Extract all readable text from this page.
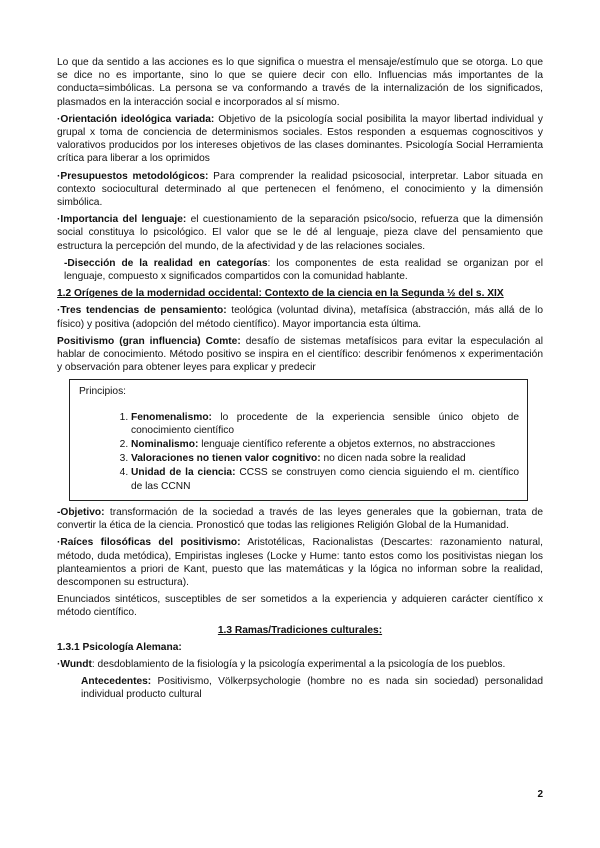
Lo que da sentido a las acciones es lo que significa o muestra el mensaje/estímulo que se otorga. Lo que se dice no es importante, sino lo que se quiere decir con ello. Influencias más importantes de la conducta=simbólicas. La persona se va conformando a través de la internalización de los significados, plasmados en la interacción social e incorporados al sí mismo.

·Orientación ideológica variada: Objetivo de la psicología social posibilita la mayor libertad individual y grupal x toma de conciencia de determinismos sociales. Estos responden a esquemas cognoscitivos y valorativos producidos por los intereses objetivos de las clases dominantes. Psicología Social Herramienta crítica para liberar a los oprimidos

·Presupuestos metodológicos: Para comprender la realidad psicosocial, interpretar. Labor situada en contexto sociocultural determinado al que pertenecen el fenómeno, el conocimiento y la dimensión simbólica.

·Importancia del lenguaje: el cuestionamiento de la separación psico/socio, refuerza que la dimensión social constituya lo psicológico. El valor que se le dé al lenguaje, pieza clave del pensamiento que estructura la percepción del mundo, de la afectividad y de las relaciones sociales.

-Disección de la realidad en categorías: los componentes de esta realidad se organizan por el lenguaje, compuesto x significados compartidos con la comunidad hablante.

1.2 Orígenes de la modernidad occidental: Contexto de la ciencia en la Segunda ½ del s. XIX

·Tres tendencias de pensamiento: teológica (voluntad divina), metafísica (abstracción, más allá de lo físico) y positiva (adopción del método científico). Mayor importancia esta última.

Positivismo (gran influencia) Comte: desafío de sistemas metafísicos para evitar la especulación al hablar de conocimiento. Método positivo se inspira en el científico: describir fenómenos x experimentación y observación para obtener leyes para explicar y predecir

Principios:
1. Fenomenalismo: lo procedente de la experiencia sensible único objeto de conocimiento científico
2. Nominalismo: lenguaje científico referente a objetos externos, no abstracciones
3. Valoraciones no tienen valor cognitivo: no dicen nada sobre la realidad
4. Unidad de la ciencia: CCSS se construyen como ciencia siguiendo el m. científico de las CCNN

-Objetivo: transformación de la sociedad a través de las leyes generales que la gobiernan, trata de convertir la ética de la ciencia. Pronosticó que todas las religiones Religión Global de la Humanidad.

·Raíces filosóficas del positivismo: Aristotélicas, Racionalistas (Descartes: razonamiento natural, método, duda metódica), Empiristas ingleses (Locke y Hume: tanto estos como los positivistas niegan los planteamientos a priori de Kant, puesto que las matemáticas y la lógica no informan sobre la realidad, descomponen su estructura).

Enunciados sintéticos, susceptibles de ser sometidos a la experiencia y adquieren carácter científico x método científico.

1.3 Ramas/Tradiciones culturales:

1.3.1 Psicología Alemana:

·Wundt: desdoblamiento de la fisiología y la psicología experimental a la psicología de los pueblos.

Antecedentes: Positivismo, Völkerpsychologie (hombre no es nada sin sociedad) personalidad individual producto cultural

2
